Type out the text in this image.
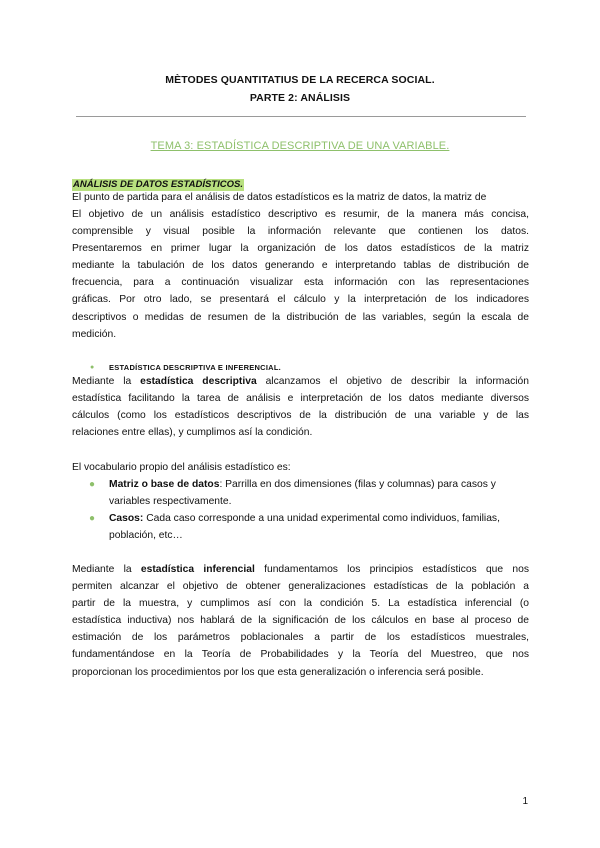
MÈTODES QUANTITATIUS DE LA RECERCA SOCIAL.
PARTE 2: ANÁLISIS
TEMA 3: ESTADÍSTICA DESCRIPTIVA DE UNA VARIABLE.
ANÁLISIS DE DATOS ESTADÍSTICOS.
El punto de partida para el análisis de datos estadísticos es la matriz de datos, la matriz de
El objetivo de un análisis estadístico descriptivo es resumir, de la manera más concisa,
comprensible y visual posible la información relevante que contienen los datos.
Presentaremos en primer lugar la organización de los datos estadísticos de la matriz
mediante la tabulación de los datos generando e interpretando tablas de distribución de
frecuencia, para a continuación visualizar esta información con las representaciones
gráficas. Por otro lado, se presentará el cálculo y la interpretación de los indicadores
descriptivos o medidas de resumen de la distribución de las variables, según la escala de
medición.
● ESTADÍSTICA DESCRIPTIVA E INFERENCIAL.
Mediante la estadística descriptiva alcanzamos el objetivo de describir la información
estadística facilitando la tarea de análisis e interpretación de los datos mediante diversos
cálculos (como los estadísticos descriptivos de la distribución de una variable y de las
relaciones entre ellas), y cumplimos así la condición.
El vocabulario propio del análisis estadístico es:
● Matriz o base de datos: Parrilla en dos dimensiones (filas y columnas) para casos y
variables respectivamente.
● Casos: Cada caso corresponde a una unidad experimental como individuos, familias,
población, etc…
Mediante la estadística inferencial fundamentamos los principios estadísticos que nos
permiten alcanzar el objetivo de obtener generalizaciones estadísticas de la población a
partir de la muestra, y cumplimos así con la condición 5. La estadística inferencial (o
estadística inductiva) nos hablará de la significación de los cálculos en base al proceso de
estimación de los parámetros poblacionales a partir de los estadísticos muestrales,
fundamentándose en la Teoría de Probabilidades y la Teoría del Muestreo, que nos
proporcionan los procedimientos por los que esta generalización o inferencia será posible.
1
